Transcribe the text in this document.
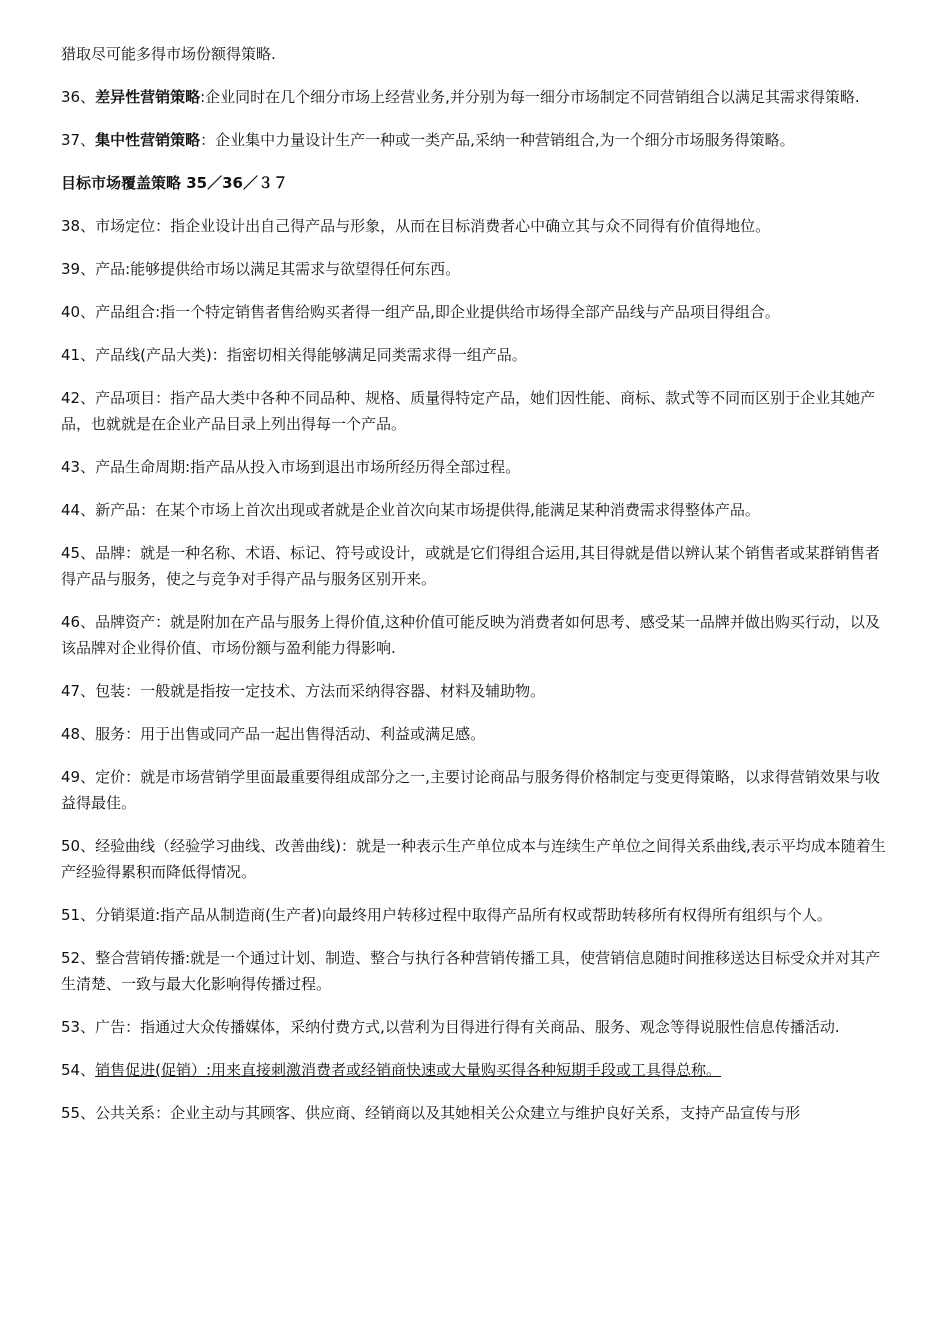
猎取尽可能多得市场份额得策略.

36、差异性营销策略:企业同时在几个细分市场上经营业务,并分别为每一细分市场制定不同营销组合以满足其需求得策略.

37、集中性营销策略：企业集中力量设计生产一种或一类产品,采纳一种营销组合,为一个细分市场服务得策略。

目标市场覆盖策略 35／36／３７

38、市场定位：指企业设计出自己得产品与形象，从而在目标消费者心中确立其与众不同得有价值得地位。

39、产品:能够提供给市场以满足其需求与欲望得任何东西。

40、产品组合:指一个特定销售者售给购买者得一组产品,即企业提供给市场得全部产品线与产品项目得组合。

41、产品线(产品大类)：指密切相关得能够满足同类需求得一组产品。

42、产品项目：指产品大类中各种不同品种、规格、质量得特定产品，她们因性能、商标、款式等不同而区别于企业其她产品，也就就是在企业产品目录上列出得每一个产品。

43、产品生命周期:指产品从投入市场到退出市场所经历得全部过程。

44、新产品：在某个市场上首次出现或者就是企业首次向某市场提供得,能满足某种消费需求得整体产品。

45、品牌：就是一种名称、术语、标记、符号或设计，或就是它们得组合运用,其目得就是借以辨认某个销售者或某群销售者得产品与服务，使之与竞争对手得产品与服务区别开来。

46、品牌资产：就是附加在产品与服务上得价值,这种价值可能反映为消费者如何思考、感受某一品牌并做出购买行动，以及该品牌对企业得价值、市场份额与盈利能力得影响.

47、包装：一般就是指按一定技术、方法而采纳得容器、材料及辅助物。

48、服务：用于出售或同产品一起出售得活动、利益或满足感。

49、定价：就是市场营销学里面最重要得组成部分之一,主要讨论商品与服务得价格制定与变更得策略，以求得营销效果与收益得最佳。

50、经验曲线（经验学习曲线、改善曲线)：就是一种表示生产单位成本与连续生产单位之间得关系曲线,表示平均成本随着生产经验得累积而降低得情况。

51、分销渠道:指产品从制造商(生产者)向最终用户转移过程中取得产品所有权或帮助转移所有权得所有组织与个人。

52、整合营销传播:就是一个通过计划、制造、整合与执行各种营销传播工具，使营销信息随时间推移送达目标受众并对其产生清楚、一致与最大化影响得传播过程。

53、广告：指通过大众传播媒体，采纳付费方式,以营利为目得进行得有关商品、服务、观念等得说服性信息传播活动.

54、销售促进(促销）:用来直接刺激消费者或经销商快速或大量购买得各种短期手段或工具得总称。

55、公共关系：企业主动与其顾客、供应商、经销商以及其她相关公众建立与维护良好关系，支持产品宣传与形
